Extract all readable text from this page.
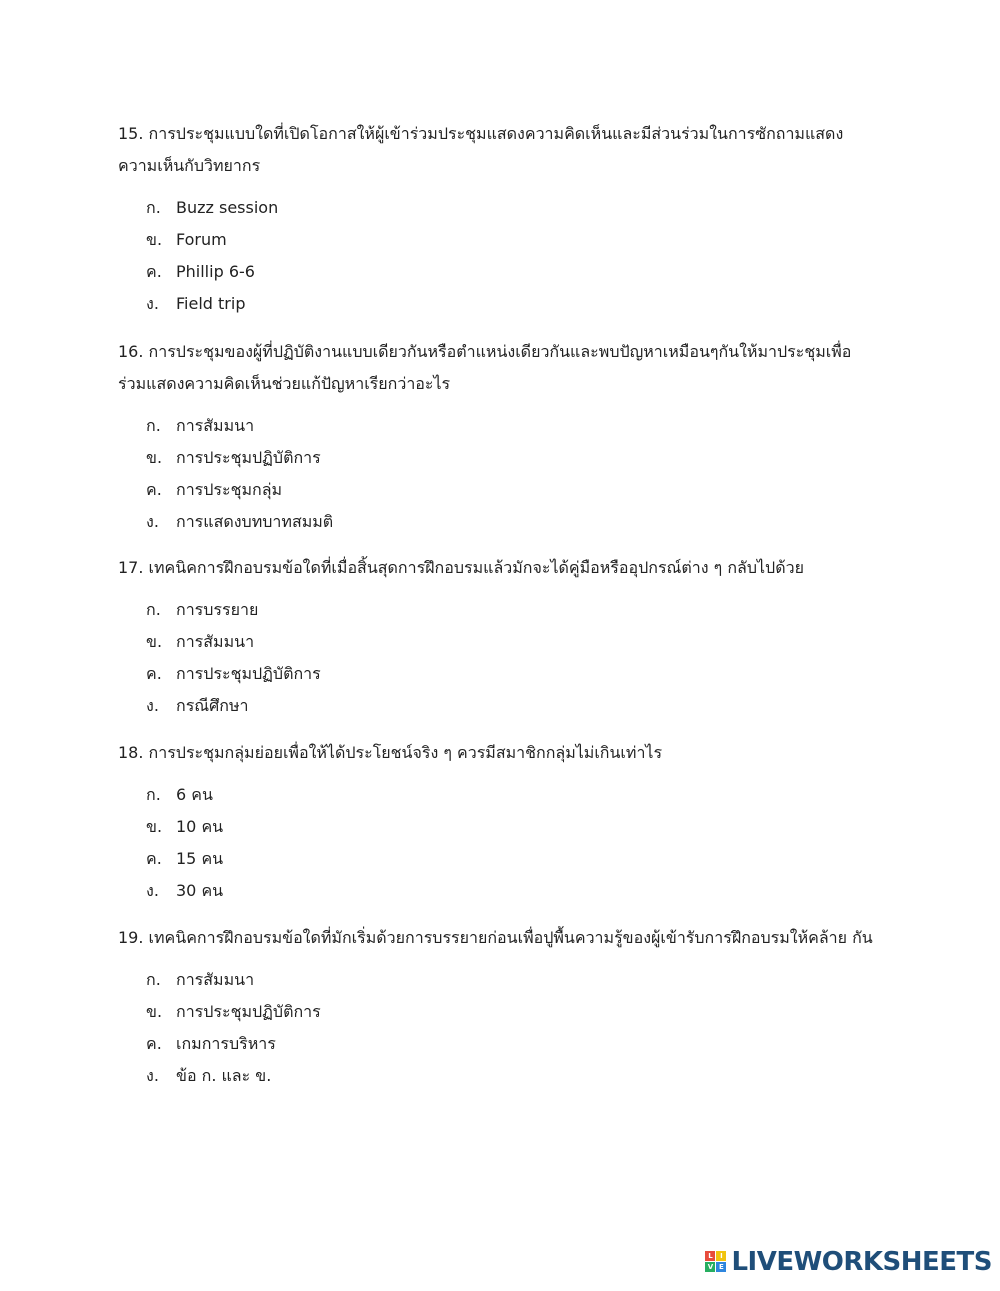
15. การประชุมแบบใดที่เปิดโอกาสให้ผู้เข้าร่วมประชุมแสดงความคิดเห็นและมีส่วนร่วมในการซักถามแสดงความเห็นกับวิทยากร
ก. Buzz session
ข. Forum
ค. Phillip 6-6
ง.	Field trip
16. การประชุมของผู้ที่ปฏิบัติงานแบบเดียวกันหรือตำแหน่งเดียวกันและพบปัญหาเหมือนๆกันให้มาประชุมเพื่อร่วมแสดงความคิดเห็นช่วยแก้ปัญหาเรียกว่าอะไร
ก. การสัมมนา
ข. การประชุมปฏิบัติการ
ค. การประชุมกลุ่ม
ง.	การแสดงบทบาทสมมติ
17. เทคนิคการฝึกอบรมข้อใดที่เมื่อสิ้นสุดการฝึกอบรมแล้วมักจะได้คู่มือหรืออุปกรณ์ต่าง ๆ กลับไปด้วย
ก. การบรรยาย
ข. การสัมมนา
ค. การประชุมปฏิบัติการ
ง.	กรณีศึกษา
18. การประชุมกลุ่มย่อยเพื่อให้ได้ประโยชน์จริง ๆ ควรมีสมาชิกกลุ่มไม่เกินเท่าไร
ก. 6 คน
ข. 10 คน
ค. 15 คน
ง.	30 คน
19. เทคนิคการฝึกอบรมข้อใดที่มักเริ่มด้วยการบรรยายก่อนเพื่อปูพื้นความรู้ของผู้เข้ารับการฝึกอบรมให้คล้าย กัน
ก. การสัมมนา
ข. การประชุมปฏิบัติการ
ค. เกมการบริหาร
ง.	ข้อ ก. และ ข.
L	I
V E LIVEWORKSHEETS
